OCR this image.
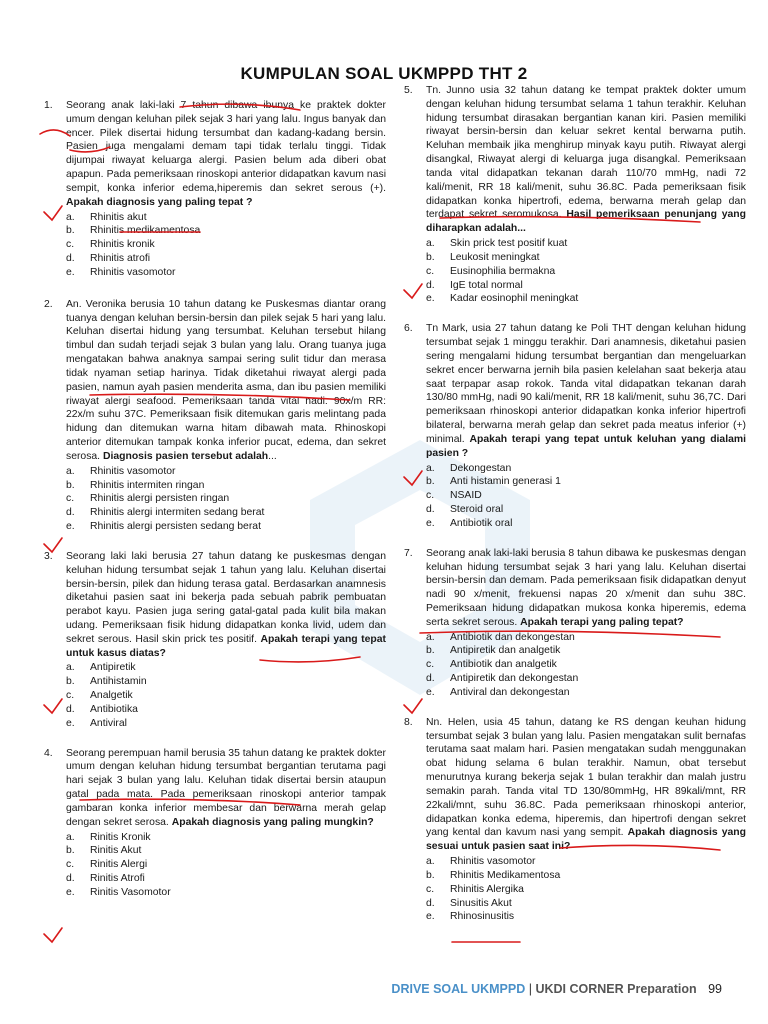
KUMPULAN SOAL UKMPPD THT 2
1. Seorang anak laki-laki 7 tahun dibawa ibunya ke praktek dokter umum dengan keluhan pilek sejak 3 hari yang lalu. Ingus banyak dan encer. Pilek disertai hidung tersumbat dan kadang-kadang bersin. Pasien juga mengalami demam tapi tidak terlalu tinggi. Tidak dijumpai riwayat keluarga alergi. Pasien belum ada diberi obat apapun. Pada pemeriksaan rinoskopi anterior didapatkan kavum nasi sempit, konka inferior edema,hiperemis dan sekret serous (+). Apakah diagnosis yang paling tepat ?
a. Rhinitis akut
b. Rhinitis medikamentosa
c. Rhinitis kronik
d. Rhinitis atrofi
e. Rhinitis vasomotor
2. An. Veronika berusia 10 tahun datang ke Puskesmas diantar orang tuanya dengan keluhan bersin-bersin dan pilek sejak 5 hari yang lalu. Keluhan disertai hidung yang tersumbat. Keluhan tersebut hilang timbul dan sudah terjadi sejak 3 bulan yang lalu. Orang tuanya juga mengatakan bahwa anaknya sampai sering sulit tidur dan merasa tidak nyaman setiap harinya. Tidak diketahui riwayat alergi pada pasien, namun ayah pasien menderita asma, dan ibu pasien memiliki riwayat alergi seafood. Pemeriksaan tanda vital nadi: 90x/m RR: 22x/m suhu 37C. Pemeriksaan fisik ditemukan garis melintang pada hidung dan ditemukan warna hitam dibawah mata. Rhinoskopi anterior ditemukan tampak konka inferior pucat, edema, dan sekret serosa. Diagnosis pasien tersebut adalah...
a. Rhinitis vasomotor
b. Rhinitis intermiten ringan
c. Rhinitis alergi persisten ringan
d. Rhinitis alergi intermiten sedang berat
e. Rhinitis alergi persisten sedang berat
3. Seorang laki laki berusia 27 tahun datang ke puskesmas dengan keluhan hidung tersumbat sejak 1 tahun yang lalu. Keluhan disertai bersin-bersin, pilek dan hidung terasa gatal. Berdasarkan anamnesis diketahui pasien saat ini bekerja pada sebuah pabrik pembuatan perabot kayu. Pasien juga sering gatal-gatal pada kulit bila makan udang. Pemeriksaan fisik hidung didapatkan konka livid, udem dan sekret serous. Hasil skin prick tes positif. Apakah terapi yang tepat untuk kasus diatas?
a. Antipiretik
b. Antihistamin
c. Analgetik
d. Antibiotika
e. Antiviral
4. Seorang perempuan hamil berusia 35 tahun datang ke praktek dokter umum dengan keluhan hidung tersumbat bergantian terutama pagi hari sejak 3 bulan yang lalu. Keluhan tidak disertai bersin ataupun gatal pada mata. Pada pemeriksaan rinoskopi anterior tampak gambaran konka inferior membesar dan berwarna merah gelap dengan sekret serosa. Apakah diagnosis yang paling mungkin?
a. Rinitis Kronik
b. Rinitis Akut
c. Rinitis Alergi
d. Rinitis Atrofi
e. Rinitis Vasomotor
5. Tn. Junno usia 32 tahun datang ke tempat praktek dokter umum dengan keluhan hidung tersumbat selama 1 tahun terakhir. Keluhan hidung tersumbat dirasakan bergantian kanan kiri. Pasien memiliki riwayat bersin-bersin dan keluar sekret kental berwarna putih. Keluhan membaik jika menghirup minyak kayu putih. Riwayat alergi disangkal, Riwayat alergi di keluarga juga disangkal. Pemeriksaan tanda vital didapatkan tekanan darah 110/70 mmHg, nadi 72 kali/menit, RR 18 kali/menit, suhu 36.8C. Pada pemeriksaan fisik didapatkan konka hipertrofi, edema, berwarna merah gelap dan terdapat sekret seromukosa. Hasil pemeriksaan penunjang yang diharapkan adalah...
a. Skin prick test positif kuat
b. Leukosit meningkat
c. Eusinophilia bermakna
d. IgE total normal
e. Kadar eosinophil meningkat
6. Tn Mark, usia 27 tahun datang ke Poli THT dengan keluhan hidung tersumbat sejak 1 minggu terakhir. Dari anamnesis, diketahui pasien sering mengalami hidung tersumbat bergantian dan mengeluarkan sekret encer berwarna jernih bila pasien kelelahan saat bekerja atau saat terpapar asap rokok. Tanda vital didapatkan tekanan darah 130/80 mmHg, nadi 90 kali/menit, RR 18 kali/menit, suhu 36,7C. Dari pemeriksaan rhinoskopi anterior didapatkan konka inferior hipertrofi bilateral, berwarna merah gelap dan sekret pada meatus inferior (+) minimal. Apakah terapi yang tepat untuk keluhan yang dialami pasien ?
a. Dekongestan
b. Anti histamin generasi 1
c. NSAID
d. Steroid oral
e. Antibiotik oral
7. Seorang anak laki-laki berusia 8 tahun dibawa ke puskesmas dengan keluhan hidung tersumbat sejak 3 hari yang lalu. Keluhan disertai bersin-bersin dan demam. Pada pemeriksaan fisik didapatkan denyut nadi 90 x/menit, frekuensi napas 20 x/menit dan suhu 38C. Pemeriksaan hidung didapatkan mukosa konka hiperemis, edema serta sekret serous. Apakah terapi yang paling tepat?
a. Antibiotik dan dekongestan
b. Antipiretik dan analgetik
c. Antibiotik dan analgetik
d. Antipiretik dan dekongestan
e. Antiviral dan dekongestan
8. Nn. Helen, usia 45 tahun, datang ke RS dengan keuhan hidung tersumbat sejak 3 bulan yang lalu. Pasien mengatakan sulit bernafas terutama saat malam hari. Pasien mengatakan sudah menggunakan obat hidung selama 6 bulan terakhir. Namun, obat tersebut menurutnya kurang bekerja sejak 1 bulan terakhir dan malah justru semakin parah. Tanda vital TD 130/80mmHg, HR 89kali/mnt, RR 22kali/mnt, suhu 36.8C. Pada pemeriksaan rhinoskopi anterior, didapatkan konka edema, hiperemis, dan hipertrofi dengan sekret yang kental dan kavum nasi yang sempit. Apakah diagnosis yang sesuai untuk pasien saat ini?
a. Rhinitis vasomotor
b. Rhinitis Medikamentosa
c. Rhinitis Alergika
d. Sinusitis Akut
e. Rhinosinusitis
DRIVE SOAL UKMPPD | UKDI CORNER Preparation 99
